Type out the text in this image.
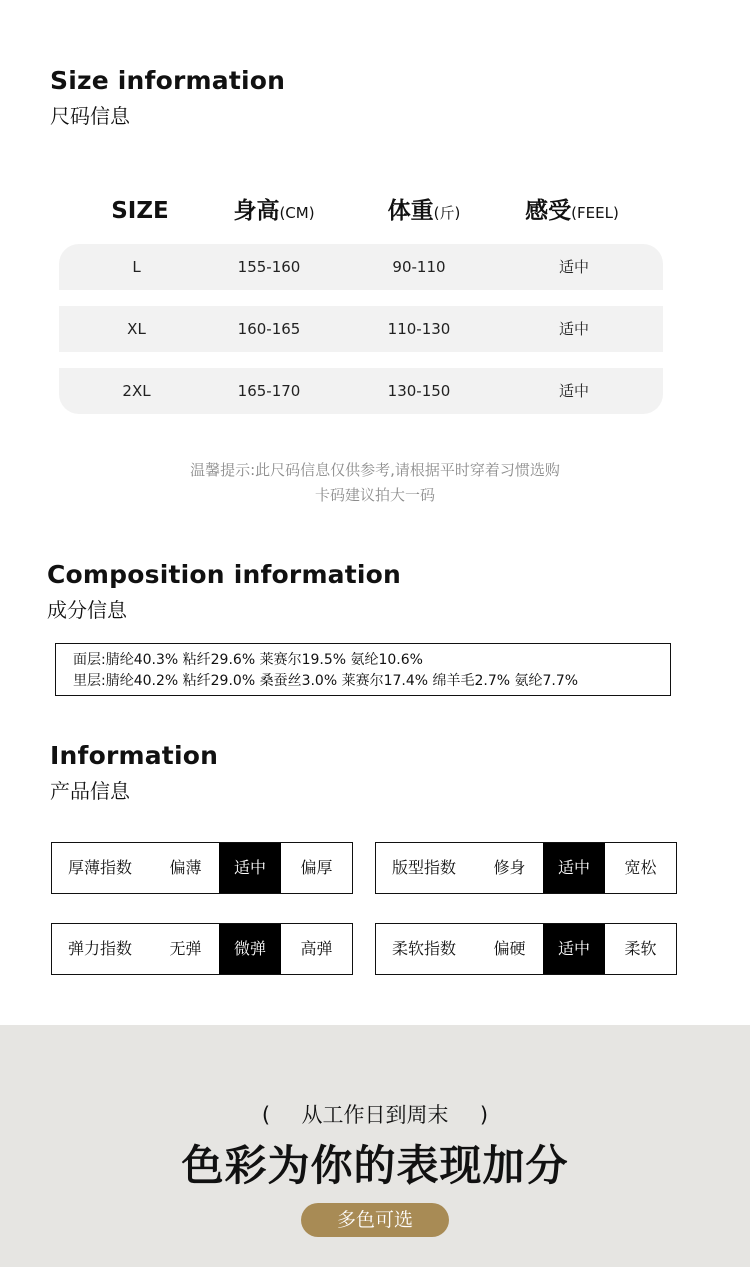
Size information
尺码信息
SIZE	身高(CM)	体重(斤)	感受(FEEL)
L	155-160	90-110	适中
XL	160-165	110-130	适中
2XL	165-170	130-150	适中
温馨提示:此尺码信息仅供参考,请根据平时穿着习惯选购
卡码建议拍大一码
Composition information
成分信息
面层:腈纶40.3% 粘纤29.6% 莱赛尔19.5% 氨纶10.6%
里层:腈纶40.2% 粘纤29.0% 桑蚕丝3.0% 莱赛尔17.4% 绵羊毛2.7% 氨纶7.7%
Information
产品信息
厚薄指数	偏薄	适中	偏厚	版型指数	修身	适中	宽松
弹力指数	无弹	微弹	高弹	柔软指数	偏硬	适中	柔软
( 从工作日到周末 )
色彩为你的表现加分
多色可选
